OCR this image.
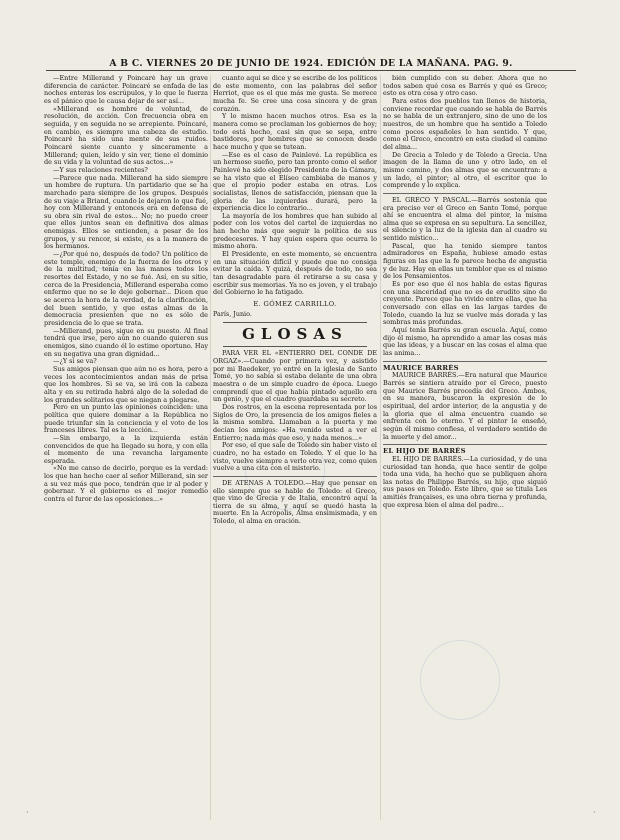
A B C. VIERNES 20 DE JUNIO DE 1924. EDICIÓN DE LA MAÑANA. PAG. 9.

—Entre Millerand y Poincaré hay un grave diferencia de carácter. Poincaré se enfada de las noches enteras los escrúpulos, y lo que le fuerza es el pánico que le causa dejar de ser así...

«Millerand es hombre de voluntad, de resolución, de acción. Con frecuencia obra en seguida, y en seguida no se arrepiente. Poincaré, en cambio, es siempre una cabeza de estudio. Poincaré ha sido una mente de sus ruidos. Poincaré siente cuanto y sinceramente a Millerand; quien, leído y sin ver, tiene el dominio de su vida y la voluntad de sus actos...»

—Y sus relaciones recientes?

—Parece que nada. Millerand ha sido siempre un hombre de ruptura. Un partidario que se ha marchado para siempre de los grupos. Después de su viaje a Briand, cuando le dejaron lo que fué, hoy con Millerand y entonces era en defensa de su obra sin rival de estos... No; no puedo creer que ellos juntos sean en definitiva dos almas enemigas. Ellos se entienden, a pesar de los grupos, y su rencor, si existe, es a la manera de los hermanos.

—¿Por qué no, después de todo? Un político de este temple, enemigo de la fuerza de los otros y de la multitud, tenía en las manos todos los resortes del Estado, y no se fué. Así, en su sitio, cerca de la Presidencia, Millerand esperaba como enfermo que no se le deje gobernar... Dicen que se acerca la hora de la verdad, de la clarificación, del buen sentido, y que estas almas de la democracia presienten que no es sólo de presidencia de lo que se trata.

—Millerand, pues, sigue en su puesto. Al final tendrá que irse, pero aún no cuando quieren sus enemigos, sino cuando él lo estime oportuno. Hay en su negativa una gran dignidad...

—¿Y si se va?

Sus amigos piensan que aún no es hora, pero a veces los acontecimientos andan más de prisa que los hombres. Si se va, se irá con la cabeza alta y en su retirada habrá algo de la soledad de los grandes solitarios que se niegan a plegarse.

Pero en un punto las opiniones coinciden: una política que quiere dominar a la República no puede triunfar sin la conciencia y el voto de los franceses libres. Tal es la lección...

—Sin embargo, a la izquierda están convencidos de que ha llegado su hora, y con ella el momento de una revancha largamente esperada.

«No me canso de decirlo, porque es la verdad: los que han hecho caer al señor Millerand, sin ser a su vez más que poco, tendrán que ir al poder y gobernar. Y el gobierno es el mejor remedio contra el furor de las oposiciones...»

cuanto aquí se dice y se escribe de los políticos de este momento, con las palabras del señor Herriot, que es el que más me gusta. Se merece mucha fe. Se cree una cosa sincera y de gran corazón.

Y lo mismo hacen muchos otros. Esa es la manera como se proclaman los gobiernos de hoy; todo está hecho, casi sin que se sepa, entre bastidores, por hombres que se conocen desde hace mucho y que se tutean.

—Ese es el caso de Painlevé. La república es un hermoso sueño, pero tan pronto como el señor Painlevé ha sido elegido Presidente de la Cámara, se ha visto que el Elíseo cambiaba de manos y que el propio poder estaba en otras. Los socialistas, llenos de satisfacción, piensan que la gloria de las izquierdas durará, pero la experiencia dice lo contrario...

La mayoría de los hombres que han subido al poder con los votos del cartel de izquierdas no han hecho más que seguir la política de sus predecesores. Y hay quien espera que ocurra lo mismo ahora.

El Presidente, en este momento, se encuentra en una situación difícil y puede que no consiga evitar la caída. Y quizá, después de todo, no sea tan desagradable para él retirarse a su casa y escribir sus memorias. Ya no es joven, y el trabajo del Gobierno le ha fatigado.

E. GÓMEZ CARRILLO.

París, Junio.

GLOSAS

PARA VER EL «ENTIERRO DEL CONDE DE ORGAZ».—Cuando por primera vez, y asistido por mi Baedeker, yo entré en la iglesia de Santo Tomé, yo no sabía si estaba delante de una obra maestra o de un simple cuadro de época. Luego comprendí que el que había pintado aquello era un genio, y que el cuadro guardaba su secreto.

Dos rostros, en la escena representada por los Siglos de Oro, la presencia de los amigos fieles a la misma sombra. Llamaban a la puerta y me decían los amigos: «Ha venido usted a ver el Entierro; nada más que eso, y nada menos...»

Por eso, el que sale de Toledo sin haber visto el cuadro, no ha estado en Toledo. Y el que lo ha visto, vuelve siempre a verlo otra vez, como quien vuelve a una cita con el misterio.

DE ATENAS A TOLEDO.—Hay que pensar en ello siempre que se hable de Toledo: el Greco, que vino de Grecia y de Italia, encontró aquí la tierra de su alma, y aquí se quedó hasta la muerte. En la Acrópolis, Alma ensimismada, y en Toledo, el alma en oración.

bién cumplido con su deber. Ahora que no todos saben qué cosa es Barrés y qué es Greco; esto es otra cosa y otro caso.

Para estos dos pueblos tan llenos de historia, conviene recordar que cuando se habla de Barrés no se habla de un extranjero, sino de uno de los nuestros, de un hombre que ha sentido a Toledo como pocos españoles lo han sentido. Y que, como el Greco, encontró en esta ciudad el camino del alma...

De Grecia a Toledo y de Toledo a Grecia. Una imagen de la llama de uno y otro lado, en el mismo camino, y dos almas que se encuentran: a un lado, el pintor; al otro, el escritor que lo comprende y lo explica.

EL GRECO Y PASCAL.—Barrés sostenía que era preciso ver el Greco en Santo Tomé, porque ahí se encuentra el alma del pintor, la misma alma que se expresa en su sepultura. La sencillez, el silencio y la luz de la iglesia dan al cuadro su sentido místico...

Pascal, que ha tenido siempre tantos admiradores en España, hubiese amado estas figuras en las que la fe parece hecha de angustia y de luz. Hay en ellas un temblor que es el mismo de los Pensamientos.

Es por eso que él nos habla de estas figuras con una sinceridad que no es de erudito sino de creyente. Parece que ha vivido entre ellas, que ha conversado con ellas en las largas tardes de Toledo, cuando la luz se vuelve más dorada y las sombras más profundas.

Aquí tenía Barrés su gran escuela. Aquí, como dijo él mismo, ha aprendido a amar las cosas más que las ideas, y a buscar en las cosas el alma que las anima...

MAURICE BARRÉS

MAURICE BARRÉS.—Era natural que Maurice Barrés se sintiera atraído por el Greco, puesto que Maurice Barrés procedía del Greco. Ambos, en su manera, buscaron la expresión de lo espiritual, del ardor interior, de la angustia y de la gloria que el alma encuentra cuando se enfrenta con lo eterno. Y el pintor le enseñó, según él mismo confiesa, el verdadero sentido de la muerte y del amor...

EL HIJO DE BARRÉS

EL HIJO DE BARRÉS.—La curiosidad, y de una curiosidad tan honda, que hace sentir de golpe toda una vida, ha hecho que se publiquen ahora las notas de Philippe Barrés, su hijo, que siguió sus pasos en Toledo. Este libro, que se titula Les amitiés françaises, es una obra tierna y profunda, que expresa bien el alma del padre...

·	·
